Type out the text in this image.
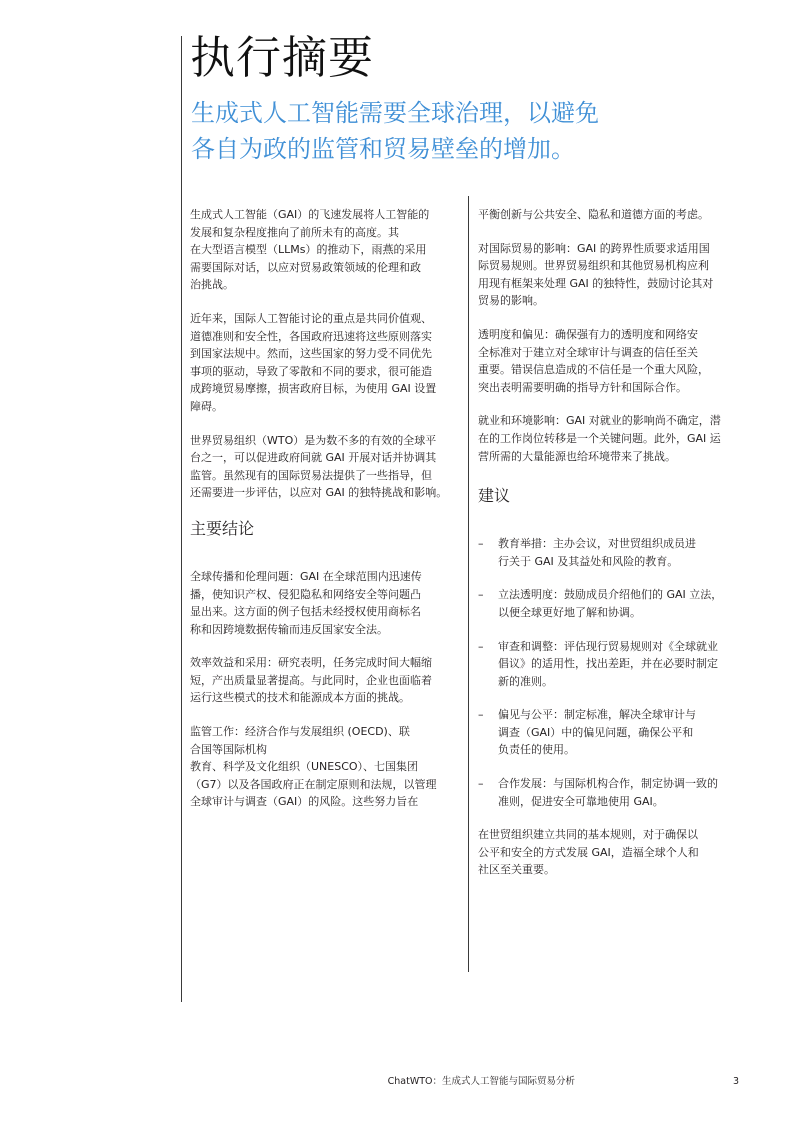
执行摘要
生成式人工智能需要全球治理，以避免
各自为政的监管和贸易壁垒的增加。

生成式人工智能（GAI）的飞速发展将人工智能的
发展和复杂程度推向了前所未有的高度。其
在大型语言模型（LLMs）的推动下，雨燕的采用
需要国际对话，以应对贸易政策领域的伦理和政
治挑战。

近年来，国际人工智能讨论的重点是共同价值观、
道德准则和安全性，各国政府迅速将这些原则落实
到国家法规中。然而，这些国家的努力受不同优先
事项的驱动，导致了零散和不同的要求，很可能造
成跨境贸易摩擦，损害政府目标，为使用 GAI 设置
障碍。

世界贸易组织（WTO）是为数不多的有效的全球平
台之一，可以促进政府间就 GAI 开展对话并协调其
监管。虽然现有的国际贸易法提供了一些指导，但
还需要进一步评估，以应对 GAI 的独特挑战和影响。

主要结论

全球传播和伦理问题：GAI 在全球范围内迅速传
播，使知识产权、侵犯隐私和网络安全等问题凸
显出来。这方面的例子包括未经授权使用商标名
称和因跨境数据传输而违反国家安全法。

效率效益和采用：研究表明，任务完成时间大幅缩
短，产出质量显著提高。与此同时，企业也面临着
运行这些模式的技术和能源成本方面的挑战。

监管工作：经济合作与发展组织 (OECD)、联
合国等国际机构
教育、科学及文化组织（UNESCO）、七国集团
（G7）以及各国政府正在制定原则和法规，以管理
全球审计与调查（GAI）的风险。这些努力旨在

平衡创新与公共安全、隐私和道德方面的考虑。

对国际贸易的影响：GAI 的跨界性质要求适用国
际贸易规则。世界贸易组织和其他贸易机构应利
用现有框架来处理 GAI 的独特性，鼓励讨论其对
贸易的影响。

透明度和偏见：确保强有力的透明度和网络安
全标准对于建立对全球审计与调查的信任至关
重要。错误信息造成的不信任是一个重大风险，
突出表明需要明确的指导方针和国际合作。

就业和环境影响：GAI 对就业的影响尚不确定，潜
在的工作岗位转移是一个关键问题。此外，GAI 运
营所需的大量能源也给环境带来了挑战。

建议
– 教育举措：主办会议，对世贸组织成员进
行关于 GAI 及其益处和风险的教育。
– 立法透明度：鼓励成员介绍他们的 GAI 立法，
以便全球更好地了解和协调。
– 审查和调整：评估现行贸易规则对《全球就业
倡议》的适用性，找出差距，并在必要时制定
新的准则。
– 偏见与公平：制定标准，解决全球审计与
调查（GAI）中的偏见问题，确保公平和
负责任的使用。
– 合作发展：与国际机构合作，制定协调一致的
准则，促进安全可靠地使用 GAI。

在世贸组织建立共同的基本规则，对于确保以
公平和安全的方式发展 GAI，造福全球个人和
社区至关重要。

ChatWTO：生成式人工智能与国际贸易分析	3
